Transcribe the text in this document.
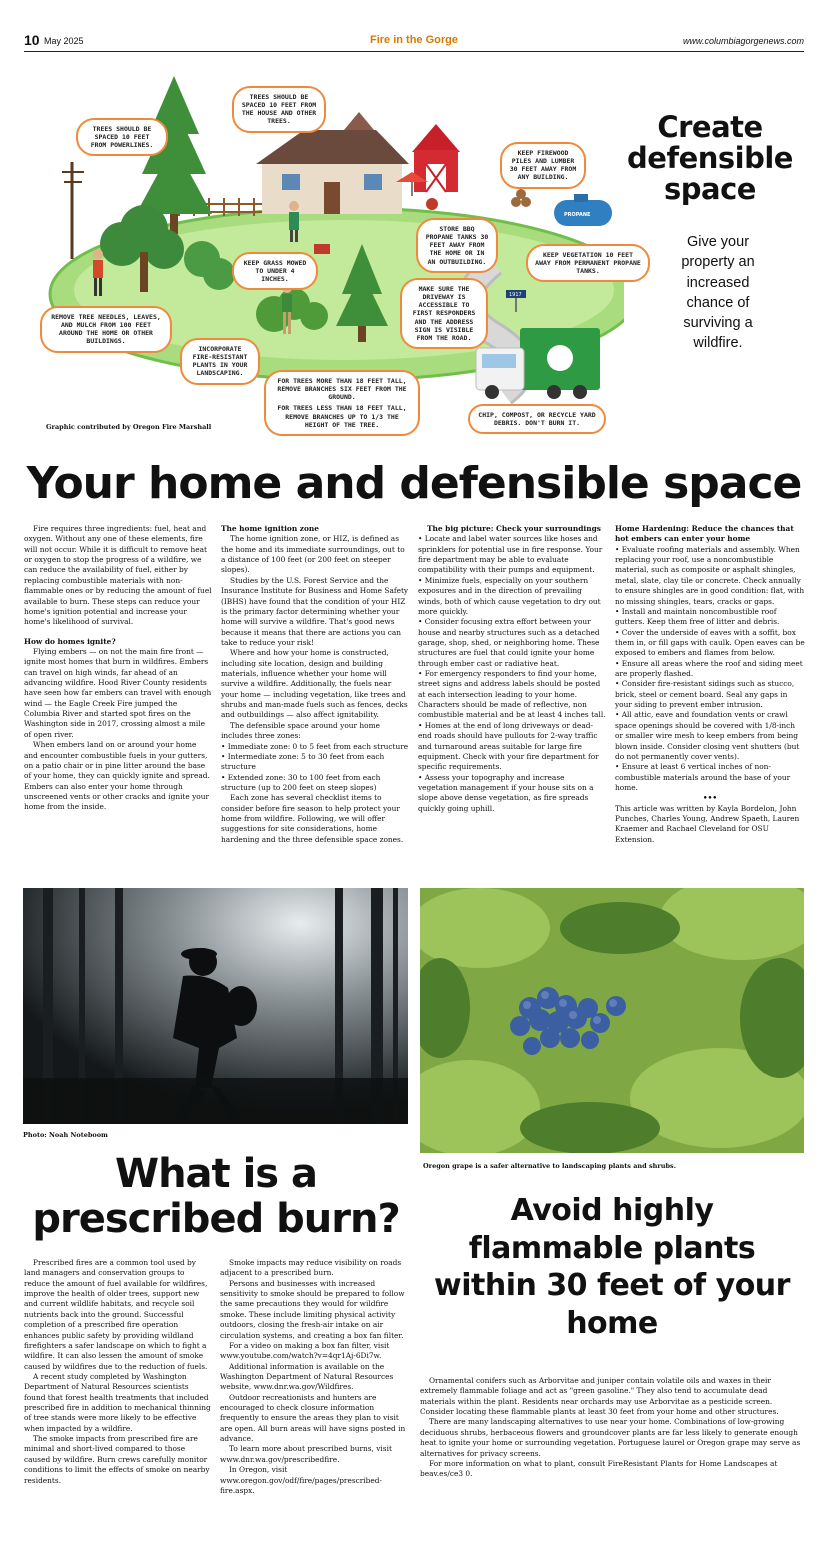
10 May 2025	Fire in the Gorge	www.columbiagorgenews.com
PROPANE
1917
TREES SHOULD BE SPACED 10 FEET FROM THE HOUSE AND OTHER TREES.
TREES SHOULD BE SPACED 10 FEET FROM POWERLINES.
KEEP FIREWOOD PILES AND LUMBER 30 FEET AWAY FROM ANY BUILDING.
STORE BBQ PROPANE TANKS 30 FEET AWAY FROM THE HOME OR IN AN OUTBUILDING.
KEEP VEGETATION 10 FEET AWAY FROM PERMANENT PROPANE TANKS.
KEEP GRASS MOWED TO UNDER 4 INCHES.
MAKE SURE THE DRIVEWAY IS ACCESSIBLE TO FIRST RESPONDERS AND THE ADDRESS SIGN IS VISIBLE FROM THE ROAD.
REMOVE TREE NEEDLES, LEAVES, AND MULCH FROM 100 FEET AROUND THE HOME OR OTHER BUILDINGS.
INCORPORATE FIRE-RESISTANT PLANTS IN YOUR LANDSCAPING.
FOR TREES MORE THAN 18 FEET TALL, REMOVE BRANCHES SIX FEET FROM THE GROUND.
FOR TREES LESS THAN 18 FEET TALL, REMOVE BRANCHES UP TO 1/3 THE HEIGHT OF THE TREE.
CHIP, COMPOST, OR RECYCLE YARD DEBRIS. DON'T BURN IT.
Graphic contributed by Oregon Fire Marshall
Create defensible space
Give your property an increased chance of surviving a wildfire.
Your home and defensible space

Fire requires three ingredients: fuel, heat and oxygen. Without any one of these elements, fire will not occur. While it is difficult to remove heat or oxygen to stop the progress of a wildfire, we can reduce the availability of fuel, either by replacing combustible materials with non-flammable ones or by reducing the amount of fuel available to burn. These steps can reduce your home's ignition potential and increase your home's likelihood of survival.

How do homes ignite?

Flying embers — on not the main fire front — ignite most homes that burn in wildfires. Embers can travel on high winds, far ahead of an advancing wildfire. Hood River County residents have seen how far embers can travel with enough wind — the Eagle Creek Fire jumped the Columbia River and started spot fires on the Washington side in 2017, crossing almost a mile of open river.

When embers land on or around your home and encounter combustible fuels in your gutters, on a patio chair or in pine litter around the base of your home, they can quickly ignite and spread. Embers can also enter your home through unscreened vents or other cracks and ignite your home from the inside.

The home ignition zone

The home ignition zone, or HIZ, is defined as the home and its immediate surroundings, out to a distance of 100 feet (or 200 feet on steeper slopes).

Studies by the U.S. Forest Service and the Insurance Institute for Business and Home Safety (IBHS) have found that the condition of your HIZ is the primary factor determining whether your home will survive a wildfire. That's good news because it means that there are actions you can take to reduce your risk!

Where and how your home is constructed, including site location, design and building materials, influence whether your home will survive a wildfire. Additionally, the fuels near your home — including vegetation, like trees and shrubs and man-made fuels such as fences, decks and outbuildings — also affect ignitability.

The defensible space around your home includes three zones:

• Immediate zone: 0 to 5 feet from each structure

• Intermediate zone: 5 to 30 feet from each structure

• Extended zone: 30 to 100 feet from each structure (up to 200 feet on steep slopes)

Each zone has several checklist items to consider before fire season to help protect your home from wildfire. Following, we will offer suggestions for site considerations, home hardening and the three defensible space zones.

The big picture: Check your surroundings

• Locate and label water sources like hoses and sprinklers for potential use in fire response. Your fire department may be able to evaluate compatibility with their pumps and equipment.

• Minimize fuels, especially on your southern exposures and in the direction of prevailing winds, both of which cause vegetation to dry out more quickly.

• Consider focusing extra effort between your house and nearby structures such as a detached garage, shop, shed, or neighboring home. These structures are fuel that could ignite your home through ember cast or radiative heat.

• For emergency responders to find your home, street signs and address labels should be posted at each intersection leading to your home. Characters should be made of reflective, non combustible material and be at least 4 inches tall.

• Homes at the end of long driveways or dead-end roads should have pullouts for 2-way traffic and turnaround areas suitable for large fire equipment. Check with your fire department for specific requirements.

• Assess your topography and increase vegetation management if your house sits on a slope above dense vegetation, as fire spreads quickly going uphill.

Home Hardening: Reduce the chances that hot embers can enter your home

• Evaluate roofing materials and assembly. When replacing your roof, use a noncombustible material, such as composite or asphalt shingles, metal, slate, clay tile or concrete. Check annually to ensure shingles are in good condition: flat, with no missing shingles, tears, cracks or gaps.

• Install and maintain noncombustible roof gutters. Keep them free of litter and debris.

• Cover the underside of eaves with a soffit, box them in, or fill gaps with caulk. Open eaves can be exposed to embers and flames from below.

• Ensure all areas where the roof and siding meet are properly flashed.

• Consider fire-resistant sidings such as stucco, brick, steel or cement board. Seal any gaps in your siding to prevent ember intrusion.

• All attic, eave and foundation vents or crawl space openings should be covered with 1/8-inch or smaller wire mesh to keep embers from being blown inside. Consider closing vent shutters (but do not permanently cover vents).

• Ensure at least 6 vertical inches of non-combustible materials around the base of your home.

•••

This article was written by Kayla Bordelon, John Punches, Charles Young, Andrew Spaeth, Lauren Kraemer and Rachael Cleveland for OSU Extension.

Photo: Noah Noteboom
Oregon grape is a safer alternative to landscaping plants and shrubs.
What is a prescribed burn?

Prescribed fires are a common tool used by land managers and conservation groups to reduce the amount of fuel available for wildfires, improve the health of older trees, support new and current wildlife habitats, and recycle soil nutrients back into the ground. Successful completion of a prescribed fire operation enhances public safety by providing wildland firefighters a safer landscape on which to fight a wildfire. It can also lessen the amount of smoke caused by wildfires due to the reduction of fuels.

A recent study completed by Washington Department of Natural Resources scientists found that forest health treatments that included prescribed fire in addition to mechanical thinning of tree stands were more likely to be effective when impacted by a wildfire.

The smoke impacts from prescribed fire are minimal and short-lived compared to those caused by wildfire. Burn crews carefully monitor conditions to limit the effects of smoke on nearby residents.

Smoke impacts may reduce visibility on roads adjacent to a prescribed burn.

Persons and businesses with increased sensitivity to smoke should be prepared to follow the same precautions they would for wildfire smoke. These include limiting physical activity outdoors, closing the fresh-air intake on air circulation systems, and creating a box fan filter.

For a video on making a box fan filter, visit www.youtube.com/watch?v=4qr1Aj-6Di7w.

Additional information is available on the Washington Department of Natural Resources website, www.dnr.wa.gov/Wildfires.

Outdoor recreationists and hunters are encouraged to check closure information frequently to ensure the areas they plan to visit are open. All burn areas will have signs posted in advance.

To learn more about prescribed burns, visit www.dnr.wa.gov/prescribedfire.

In Oregon, visit www.oregon.gov/odf/fire/pages/prescribed-fire.aspx.

Avoid highly flammable plants within 30 feet of your home

Ornamental conifers such as Arborvitae and juniper contain volatile oils and waxes in their extremely flammable foliage and act as "green gasoline." They also tend to accumulate dead materials within the plant. Residents near orchards may use Arborvitae as a pesticide screen. Consider locating these flammable plants at least 30 feet from your home and other structures.

There are many landscaping alternatives to use near your home. Combinations of low-growing deciduous shrubs, herbaceous flowers and groundcover plants are far less likely to generate enough heat to ignite your home or surrounding vegetation. Portuguese laurel or Oregon grape may serve as alternatives for privacy screens.

For more information on what to plant, consult FireResistant Plants for Home Landscapes at beav.es/ce3 0.
